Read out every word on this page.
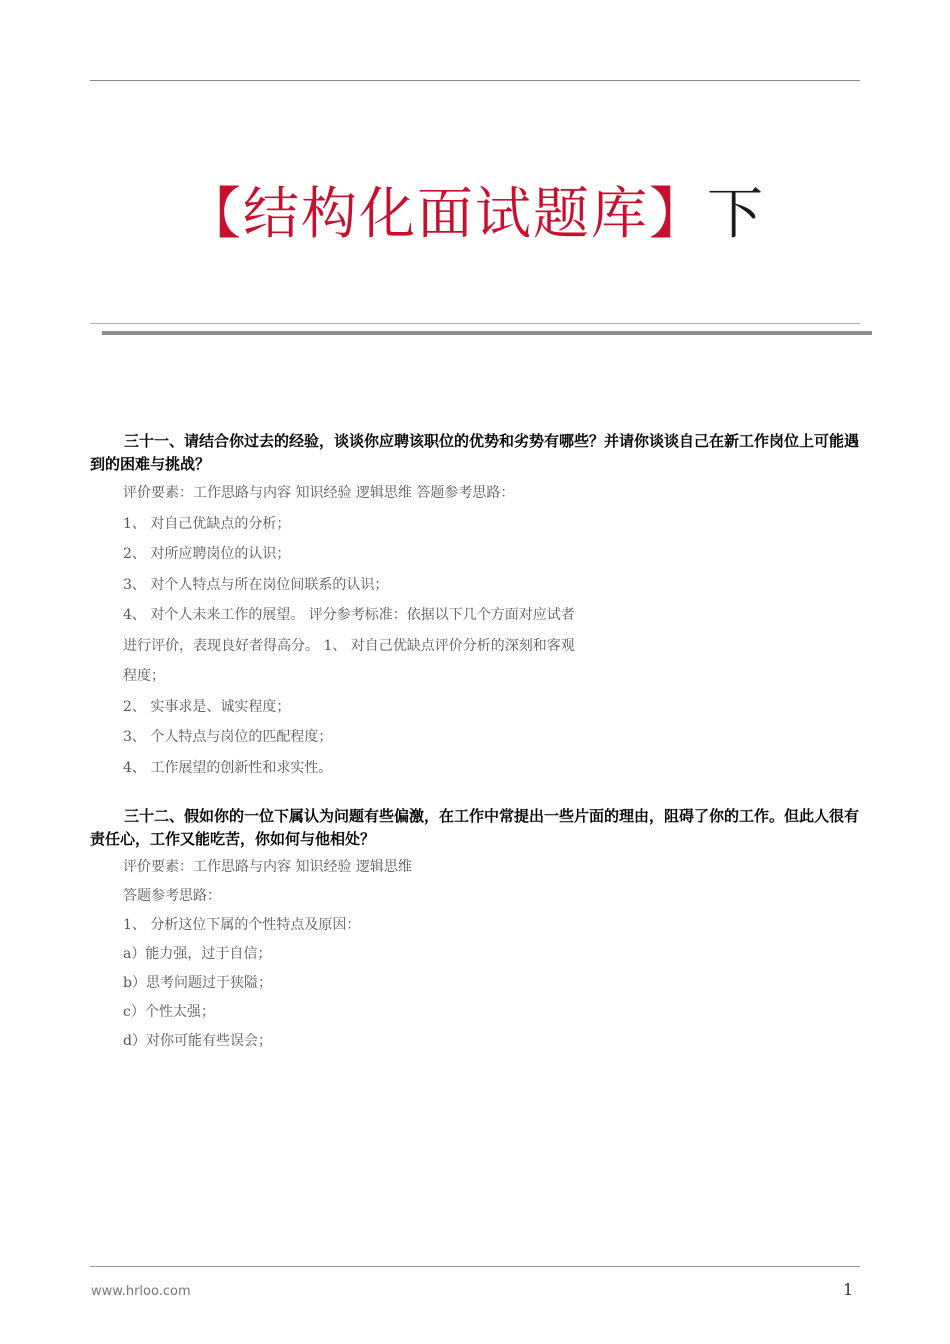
【结构化面试题库】下

三十一、请结合你过去的经验，谈谈你应聘该职位的优势和劣势有哪些？并请你谈谈自己在新工作岗位上可能遇到的困难与挑战？

评价要素：工作思路与内容 知识经验 逻辑思维 答题参考思路：
1、 对自己优缺点的分析；
2、 对所应聘岗位的认识；
3、 对个人特点与所在岗位间联系的认识；
4、 对个人未来工作的展望。 评分参考标准：依据以下几个方面对应试者
进行评价，表现良好者得高分。 1、 对自己优缺点评价分析的深刻和客观
程度；
2、 实事求是、诚实程度；
3、 个人特点与岗位的匹配程度；
4、 工作展望的创新性和求实性。

三十二、假如你的一位下属认为问题有些偏激，在工作中常提出一些片面的理由，阻碍了你的工作。但此人很有责任心，工作又能吃苦，你如何与他相处？

评价要素：工作思路与内容 知识经验 逻辑思维
答题参考思路：
1、 分析这位下属的个性特点及原因：
a）能力强，过于自信；
b）思考问题过于狭隘；
c）个性太强；
d）对你可能有些误会；
www.hrloo.com	1
